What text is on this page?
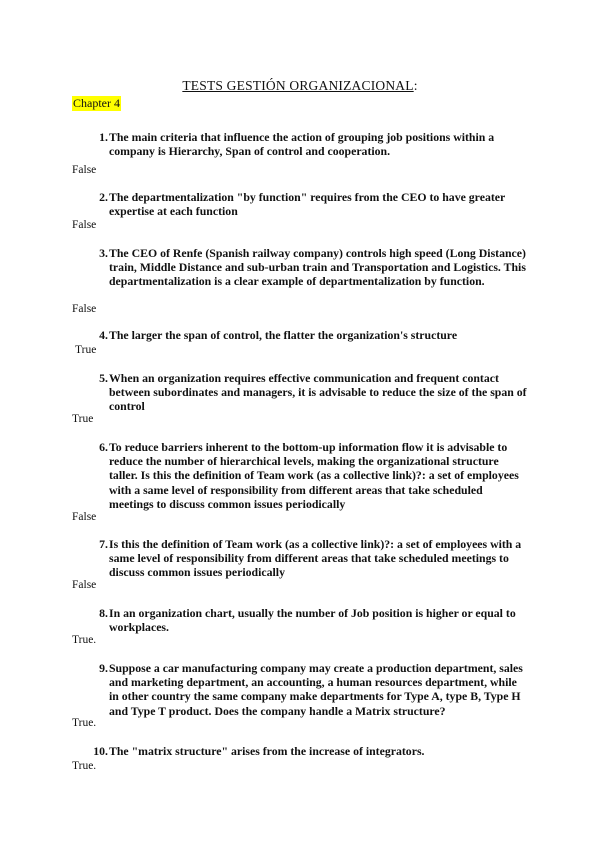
TESTS GESTIÓN ORGANIZACIONAL:
Chapter 4
1. The main criteria that influence the action of grouping job positions within a company is Hierarchy, Span of control and cooperation.
False
2. The departmentalization "by function" requires from the CEO to have greater expertise at each function
False
3. The CEO of Renfe (Spanish railway company) controls high speed (Long Distance) train, Middle Distance and sub-urban train and Transportation and Logistics. This departmentalization is a clear example of departmentalization by function.
False
4. The larger the span of control, the flatter the organization's structure
True
5. When an organization requires effective communication and frequent contact between subordinates and managers, it is advisable to reduce the size of the span of control
True
6. To reduce barriers inherent to the bottom-up information flow it is advisable to reduce the number of hierarchical levels, making the organizational structure taller. Is this the definition of Team work (as a collective link)?: a set of employees with a same level of responsibility from different areas that take scheduled meetings to discuss common issues periodically
False
7. Is this the definition of Team work (as a collective link)?: a set of employees with a same level of responsibility from different areas that take scheduled meetings to discuss common issues periodically
False
8. In an organization chart, usually the number of Job position is higher or equal to workplaces.
True.
9. Suppose a car manufacturing company may create a production department, sales and marketing department, an accounting, a human resources department, while in other country the same company make departments for Type A, type B, Type H and Type T product. Does the company handle a Matrix structure?
True.
10. The "matrix structure" arises from the increase of integrators.
True.
